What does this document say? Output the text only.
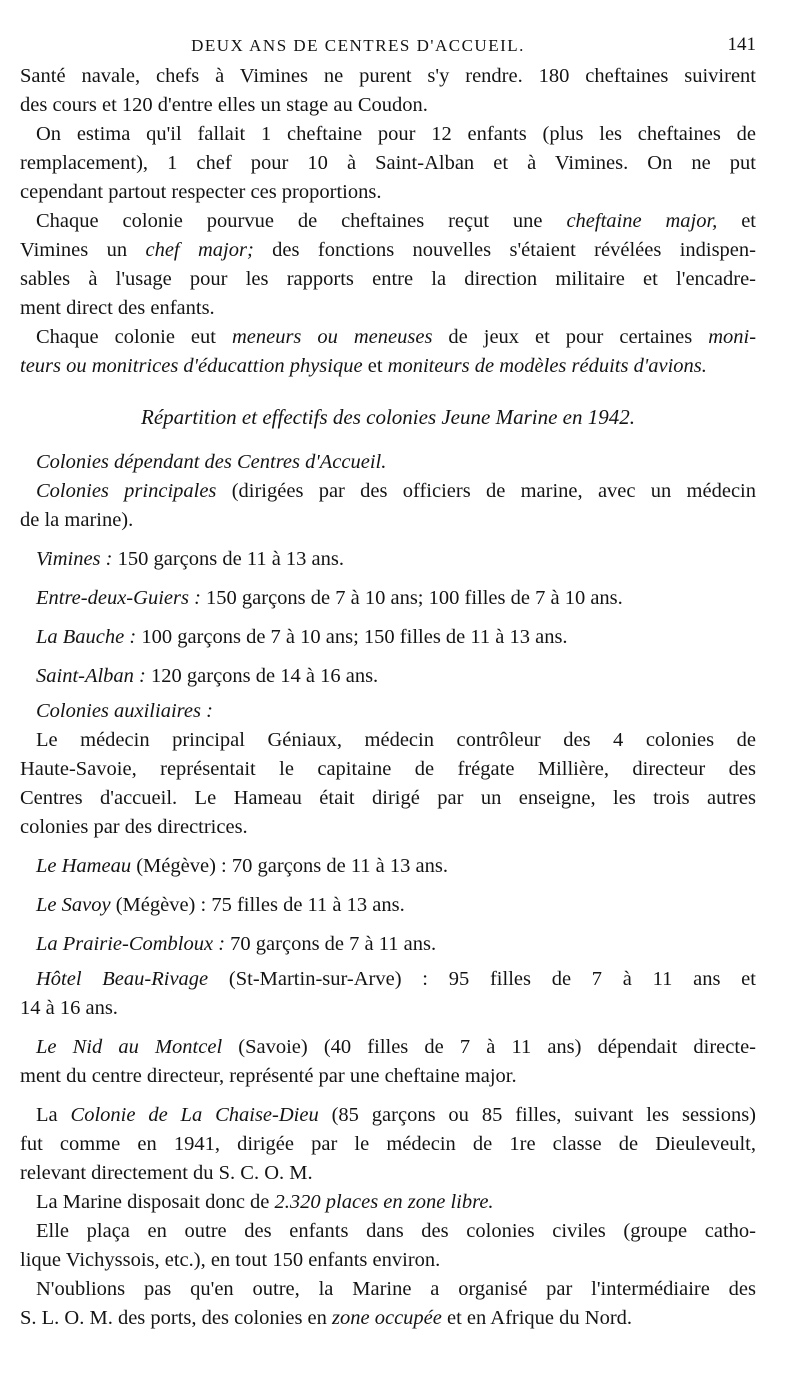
DEUX ANS DE CENTRES D'ACCUEIL.	141

Santé navale, chefs à Vimines ne purent s'y rendre. 180 cheftaines suivirent

des cours et 120 d'entre elles un stage au Coudon.

On estima qu'il fallait 1 cheftaine pour 12 enfants (plus les cheftaines de

remplacement), 1 chef pour 10 à Saint-Alban et à Vimines. On ne put

cependant partout respecter ces proportions.

Chaque colonie pourvue de cheftaines reçut une cheftaine major, et

Vimines un chef major; des fonctions nouvelles s'étaient révélées indispen-

sables à l'usage pour les rapports entre la direction militaire et l'encadre-

ment direct des enfants.

Chaque colonie eut meneurs ou meneuses de jeux et pour certaines moni-

teurs ou monitrices d'éducattion physique et moniteurs de modèles réduits d'avions.

Répartition et effectifs des colonies Jeune Marine en 1942.

Colonies dépendant des Centres d'Accueil.

Colonies principales (dirigées par des officiers de marine, avec un médecin

de la marine).

Vimines : 150 garçons de 11 à 13 ans.

Entre-deux-Guiers : 150 garçons de 7 à 10 ans; 100 filles de 7 à 10 ans.

La Bauche : 100 garçons de 7 à 10 ans; 150 filles de 11 à 13 ans.

Saint-Alban : 120 garçons de 14 à 16 ans.

Colonies auxiliaires :

Le médecin principal Géniaux, médecin contrôleur des 4 colonies de

Haute-Savoie, représentait le capitaine de frégate Millière, directeur des

Centres d'accueil. Le Hameau était dirigé par un enseigne, les trois autres

colonies par des directrices.

Le Hameau (Mégève) : 70 garçons de 11 à 13 ans.

Le Savoy (Mégève) : 75 filles de 11 à 13 ans.

La Prairie-Combloux : 70 garçons de 7 à 11 ans.

Hôtel Beau-Rivage (St-Martin-sur-Arve) : 95 filles de 7 à 11 ans et

14 à 16 ans.

Le Nid au Montcel (Savoie) (40 filles de 7 à 11 ans) dépendait directe-

ment du centre directeur, représenté par une cheftaine major.

La Colonie de La Chaise-Dieu (85 garçons ou 85 filles, suivant les sessions)

fut comme en 1941, dirigée par le médecin de 1re classe de Dieuleveult,

relevant directement du S. C. O. M.

La Marine disposait donc de 2.320 places en zone libre.

Elle plaça en outre des enfants dans des colonies civiles (groupe catho-

lique Vichyssois, etc.), en tout 150 enfants environ.

N'oublions pas qu'en outre, la Marine a organisé par l'intermédiaire des

S. L. O. M. des ports, des colonies en zone occupée et en Afrique du Nord.
